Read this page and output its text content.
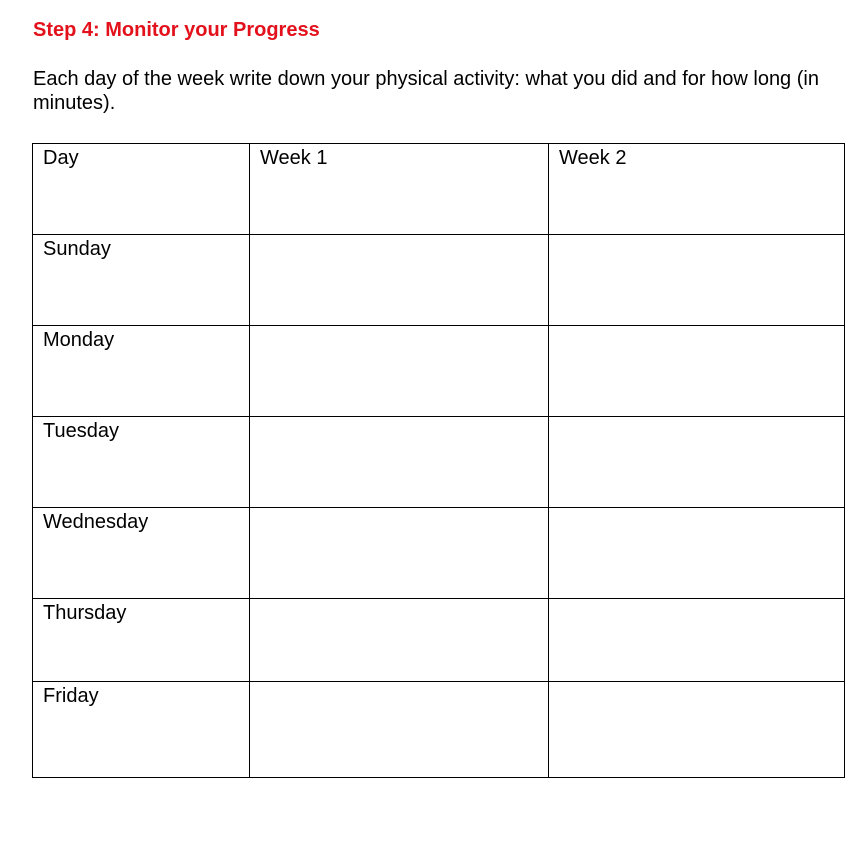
Step 4: Monitor your Progress
Each day of the week write down your physical activity: what you did and for how long (in minutes).
Day	Week 1	Week 2

Sunday		

Monday		

Tuesday		

Wednesday		

Thursday		

Friday		
